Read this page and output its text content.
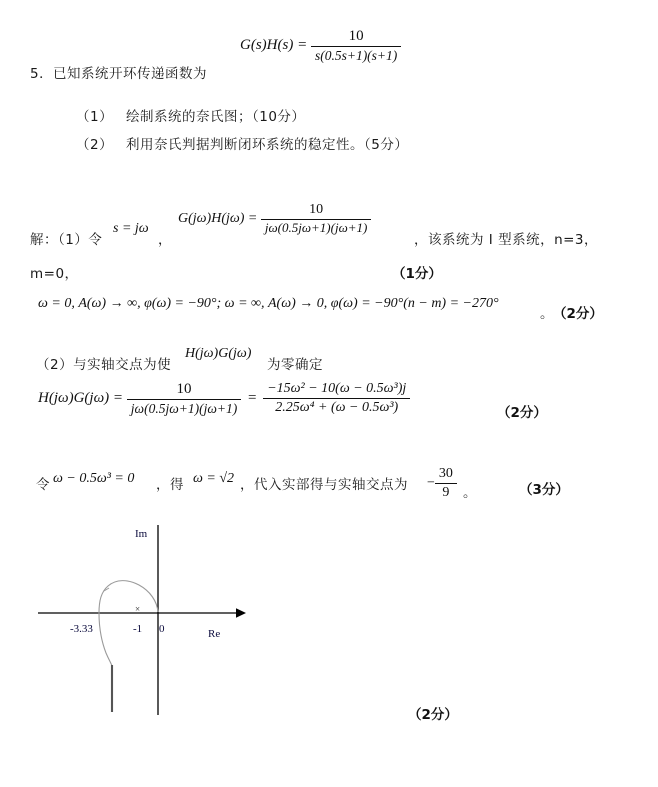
$G(s)H(s) = \frac{10}{s(0.5s+1)(s+1)}$
5． 已知系统开环传递函数为
（1） 绘制系统的奈氏图；（10分）
（2） 利用奈氏判据判断闭环系统的稳定性。（5分）
解：（1）令
s = jω
，
$G(j\omega)H(j\omega) = \frac{10}{j\omega(0.5j\omega+1)(j\omega+1)}$
，该系统为 I 型系统，n=3，
m=0，	（1分）
ω = 0, A(ω) → ∞, φ(ω) = −90°; ω = ∞, A(ω) → 0, φ(ω) = −90°(n − m) = −270°
。 （2分）
（2）与实轴交点为使
H(jω)G(jω)
为零确定
$H(j\omega)G(j\omega) = \frac{10}{j\omega(0.5j\omega+1)(j\omega+1)} = \frac{\text{−15ω² − 10(ω − 0.5ω³)j}}{\text{2.25ω⁴ + (ω − 0.5ω³)}}$	（2分）
令 ω − 0.5ω³ = 0 ，得 ω = √2 ，代入实部得与实轴交点为 − $\frac{30}{9}$ 。	（3分）
Im
Re
×
-3.33	-1 0
（2分）
